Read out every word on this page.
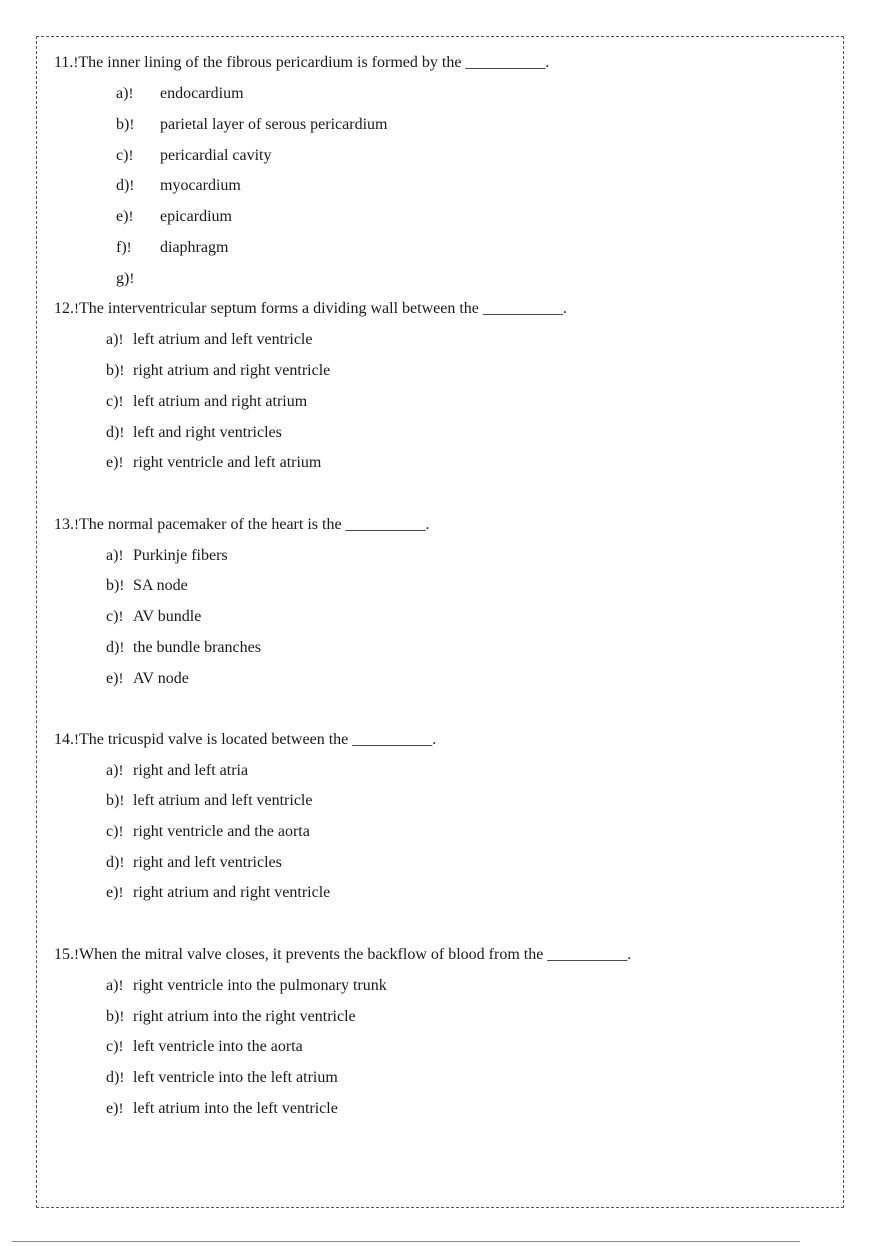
11.!The inner lining of the fibrous pericardium is formed by the __________.
a)! endocardium
b)! parietal layer of serous pericardium
c)! pericardial cavity
d)! myocardium
e)! epicardium
f)! diaphragm
g)!
12.!The interventricular septum forms a dividing wall between the __________.
a)! left atrium and left ventricle
b)! right atrium and right ventricle
c)! left atrium and right atrium
d)! left and right ventricles
e)! right ventricle and left atrium
13.!The normal pacemaker of the heart is the __________.
a)! Purkinje fibers
b)! SA node
c)! AV bundle
d)! the bundle branches
e)! AV node
14.!The tricuspid valve is located between the __________.
a)! right and left atria
b)! left atrium and left ventricle
c)! right ventricle and the aorta
d)! right and left ventricles
e)! right atrium and right ventricle
15.!When the mitral valve closes, it prevents the backflow of blood from the __________.
a)! right ventricle into the pulmonary trunk
b)! right atrium into the right ventricle
c)! left ventricle into the aorta
d)! left ventricle into the left atrium
e)! left atrium into the left ventricle
